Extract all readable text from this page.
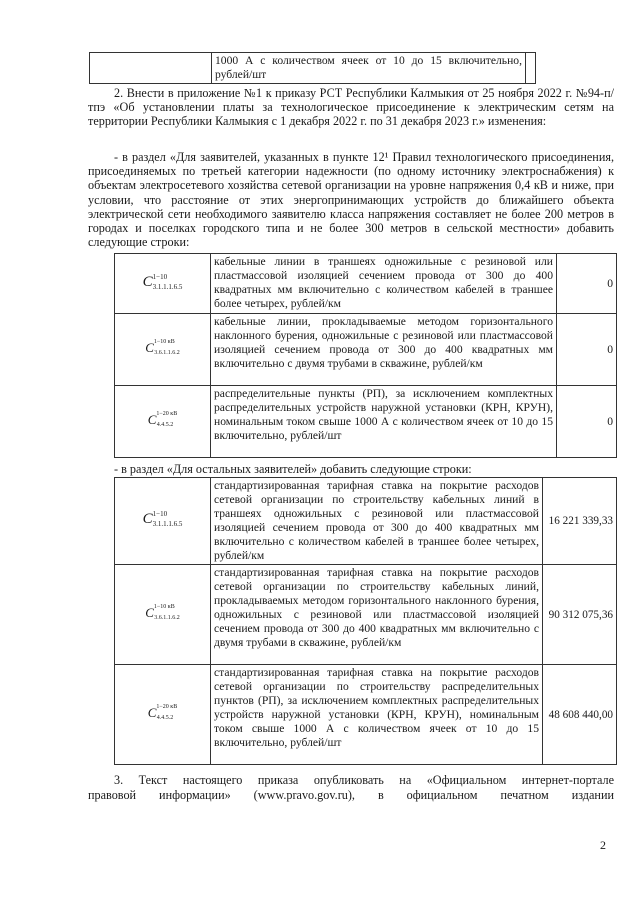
	1000 А с количеством ячеек от 10 до 15 включительно, рублей/шт	
2. Внести в приложение №1 к приказу РСТ Республики Калмыкия от 25 ноября 2022 г. №94-п/тпэ «Об установлении платы за технологическое присоединение к электрическим сетям на территории Республики Калмыкия с 1 декабря 2022 г. по 31 декабря 2023 г.» изменения:
- в раздел «Для заявителей, указанных в пункте 12¹ Правил технологического присоединения, присоединяемых по третьей категории надежности (по одному источнику электроснабжения) к объектам электросетевого хозяйства сетевой организации на уровне напряжения 0,4 кВ и ниже, при условии, что расстояние от этих энергопринимающих устройств до ближайшего объекта электрической сети необходимого заявителю класса напряжения составляет не более 200 метров в городах и поселках городского типа и не более 300 метров в сельской местности» добавить следующие строки:
C1−10
3.1.1.1.6.5	кабельные линии в траншеях одножильные с резиновой или пластмассовой изоляцией сечением провода от 300 до 400 квадратных мм включительно с количеством кабелей в траншее более четырех, рублей/км	0
C1−10 кВ
3.6.1.1.6.2	кабельные линии, прокладываемые методом горизонтального наклонного бурения, одножильные с резиновой или пластмассовой изоляцией сечением провода от 300 до 400 квадратных мм включительно с двумя трубами в скважине, рублей/км	0
C1−20 кВ
4.4.5.2	распределительные пункты (РП), за исключением комплектных распределительных устройств наружной установки (КРН, КРУН), номинальным током свыше 1000 А с количеством ячеек от 10 до 15 включительно, рублей/шт	0
- в раздел «Для остальных заявителей» добавить следующие строки:
C1−10
3.1.1.1.6.5	стандартизированная тарифная ставка на покрытие расходов сетевой организации по строительству кабельных линий в траншеях одножильных с резиновой или пластмассовой изоляцией сечением провода от 300 до 400 квадратных мм включительно с количеством кабелей в траншее более четырех, рублей/км	16 221 339,33
C1−10 кВ
3.6.1.1.6.2	стандартизированная тарифная ставка на покрытие расходов сетевой организации по строительству кабельных линий, прокладываемых методом горизонтального наклонного бурения, одножильных с резиновой или пластмассовой изоляцией сечением провода от 300 до 400 квадратных мм включительно с двумя трубами в скважине, рублей/км	90 312 075,36
C1−20 кВ
4.4.5.2	стандартизированная тарифная ставка на покрытие расходов сетевой организации по строительству распределительных пунктов (РП), за исключением комплектных распределительных устройств наружной установки (КРН, КРУН), номинальным током свыше 1000 А с количеством ячеек от 10 до 15 включительно, рублей/шт	48 608 440,00
3. Текст настоящего приказа опубликовать на «Официальном интернет-портале
правовой информации» (www.pravo.gov.ru), в официальном печатном издании
2
